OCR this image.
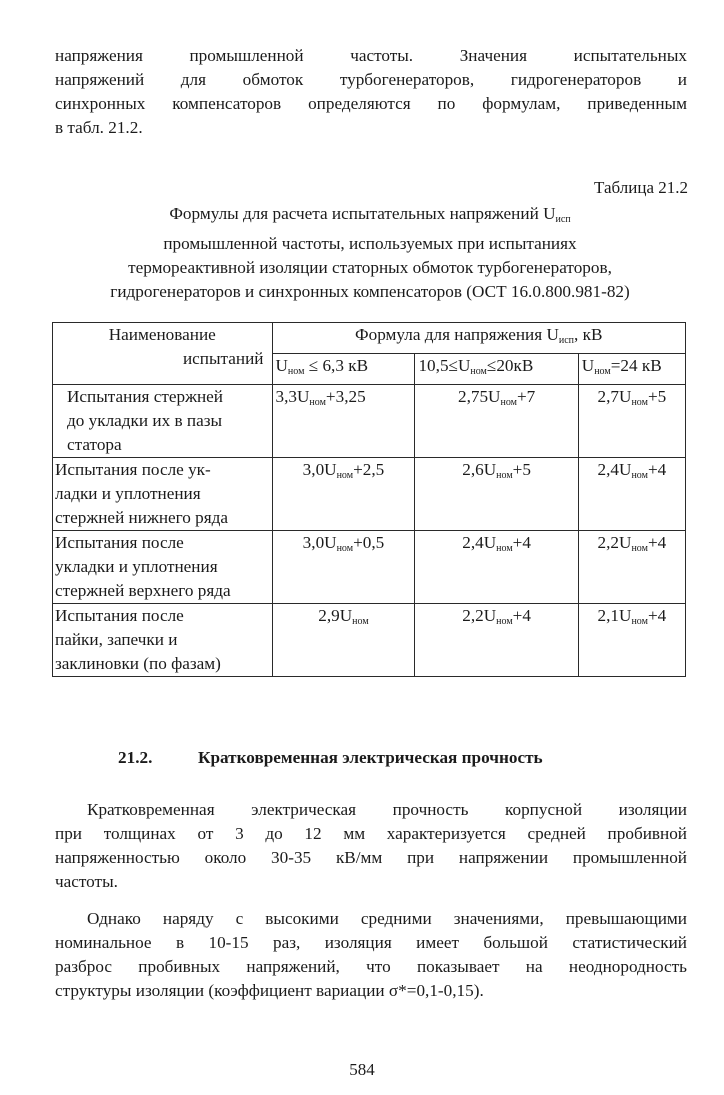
напряжения промышленной частоты. Значения испытательных
напряжений для обмоток турбогенераторов, гидрогенераторов и
синхронных компенсаторов определяются по формулам, приведенным
в табл. 21.2.
Таблица 21.2
Формулы для расчета испытательных напряжений $U_{исп}$
промышленной частоты, используемых при испытаниях
термореактивной изоляции статорных обмоток турбогенераторов,
гидрогенераторов и синхронных компенсаторов (ОСТ 16.0.800.981-82)
Наименование
испытаний	Формула для напряжения $U_{исп}$, кВ		
	$U_{ном} \le 6,3$ кВ	$10,5\le U_{ном}\le 20кВ$	$U_{ном}=24$ кВ

Испытания стержней
до укладки их в пазы
статора	$3,3U_{ном}+3,25$	$2,75U_{ном}+7$	$2,7U_{ном}+5$

Испытания после ук-
ладки и уплотнения
стержней нижнего ряда	$3,0U_{ном}+2,5$	$2,6U_{ном}+5$	$2,4U_{ном}+4$

Испытания после
укладки и уплотнения
стержней верхнего ряда	$3,0U_{ном}+0,5$	$2,4U_{ном}+4$	$2,2U_{ном}+4$

Испытания после
пайки, запечки и
заклиновки (по фазам)	$2,9U_{ном}$	$2,2U_{ном}+4$	$2,1U_{ном}+4$
21.2.	Кратковременная электрическая прочность
Кратковременная электрическая прочность корпусной изоляции
при толщинах от 3 до 12 мм характеризуется средней пробивной
напряженностью около 30-35 кВ/мм при напряжении промышленной
частоты.
Однако наряду с высокими средними значениями, превышающими
номинальное в 10-15 раз, изоляция имеет большой статистический
разброс пробивных напряжений, что показывает на неоднородность
структуры изоляции (коэффициент вариации σ*=0,1-0,15).
584
